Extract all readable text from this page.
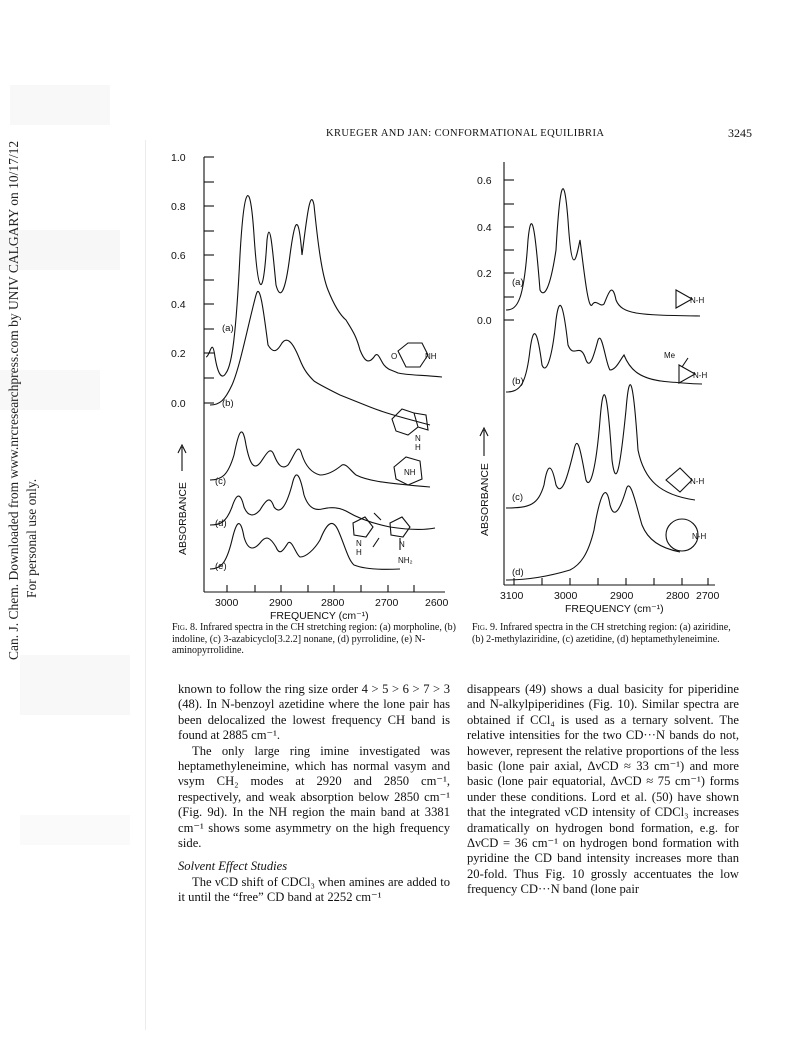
Can. J. Chem. Downloaded from www.nrcresearchpress.com by UNIV CALGARY on 10/17/12 For personal use only.
KRUEGER AND JAN: CONFORMATIONAL EQUILIBRIA	3245
1.0
0.8
0.6
0.4
0.2
0.0
3000	2900	2800	2700	2600
FREQUENCY (cm⁻¹)
ABSORBANCE
(a)
(b)
(c)
(d)
(e)
O	NH
N
H
NH
N
H
N
NH₂
Fig. 8. Infrared spectra in the CH stretching region: (a) morpholine, (b) indoline, (c) 3-azabicyclo[3.2.2] nonane, (d) pyrrolidine, (e) N-aminopyrrolidine.
0.6
0.4
0.2
0.0
3100	3000	2900	2800 2700
FREQUENCY (cm⁻¹)
ABSORBANCE
(a)
(b)
(c)
(d)
N-H
Me
N-H
N-H
N-H
Fig. 9. Infrared spectra in the CH stretching region: (a) aziridine, (b) 2-methylaziridine, (c) azetidine, (d) heptamethyleneimine.

known to follow the ring size order 4 > 5 > 6 > 7 > 3 (48). In N-benzoyl azetidine where the lone pair has been delocalized the lowest frequency CH band is found at 2885 cm⁻¹.

The only large ring imine investigated was heptamethyleneimine, which has normal νasym and νsym CH₂ modes at 2920 and 2850 cm⁻¹, respectively, and weak absorption below 2850 cm⁻¹ (Fig. 9d). In the NH region the main band at 3381 cm⁻¹ shows some asymmetry on the high frequency side.

Solvent Effect Studies

The νCD shift of CDCl₃ when amines are added to it until the “free” CD band at 2252 cm⁻¹

disappears (49) shows a dual basicity for piperidine and N-alkylpiperidines (Fig. 10). Similar spectra are obtained if CCl₄ is used as a ternary solvent. The relative intensities for the two CD···N bands do not, however, represent the relative proportions of the less basic (lone pair axial, ΔνCD ≈ 33 cm⁻¹) and more basic (lone pair equatorial, ΔνCD ≈ 75 cm⁻¹) forms under these conditions. Lord et al. (50) have shown that the integrated νCD intensity of CDCl₃ increases dramatically on hydrogen bond formation, e.g. for ΔνCD = 36 cm⁻¹ on hydrogen bond formation with pyridine the CD band intensity increases more than 20-fold. Thus Fig. 10 grossly accentuates the low frequency CD···N band (lone pair
